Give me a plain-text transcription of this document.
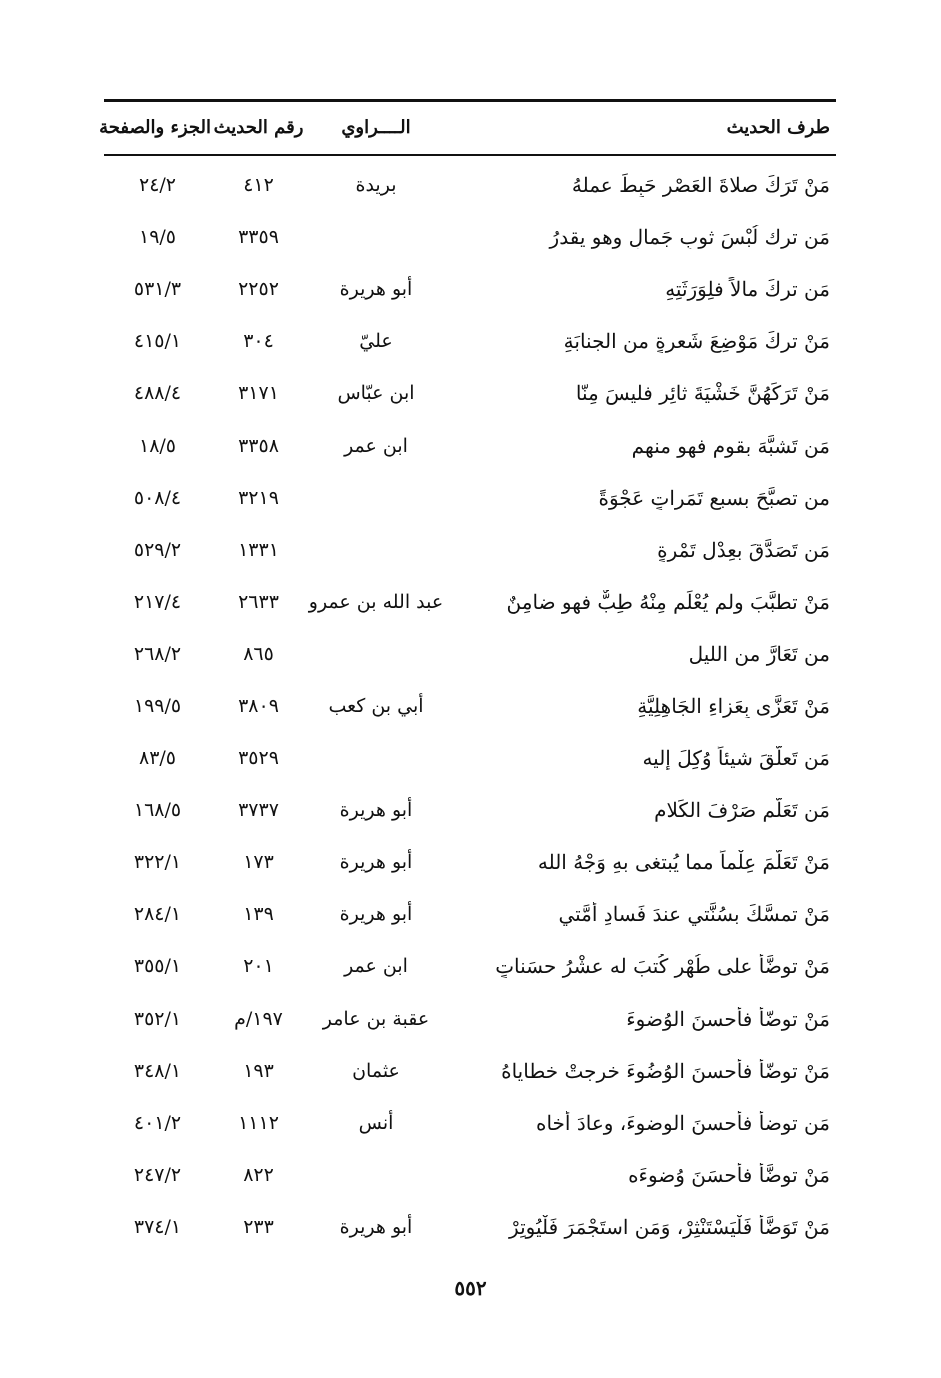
طرف الحديث
الــــراوي
رقم الحديث
الجزء والصفحة
مَنْ تَرَكَ صلاةَ العَصْرِ حَبِطَ عملهُ
بريدة
٤١٢
٢٤/٢
مَن ترك لُبْسَ ثوبِ جَمالٍ وهو يقدرُ
٣٣٥٩
١٩/٥
مَن تركَ مالاً فلِوَرَثَتِهِ
أبو هريرة
٢٢٥٢
٥٣١/٣
مَنْ تركَ مَوْضِعَ شَعرةٍ من الجنابَةِ
عليّ
٣٠٤
٤١٥/١
مَنْ تَرَكَهُنَّ خَشْيَةَ ثائِرٍ فليسَ مِنّا
ابن عبّاس
٣١٧١
٤٨٨/٤
مَن تَشبَّهَ بقومٍ فهو منهم
ابن عمر
٣٣٥٨
١٨/٥
من تصبَّحَ بسبعِ تَمَراتٍ عَجْوَةً
٣٢١٩
٥٠٨/٤
مَن تَصَدَّقَ بعِدْلِ تَمْرةٍ
١٣٣١
٥٢٩/٢
مَنْ تطبَّبَ ولم يُعْلَم مِنْهُ طِبٌّ فهو ضامِنٌ
عبد الله بن عمرو
٢٦٣٣
٢١٧/٤
من تَعَارَّ من الليلِ
٨٦٥
٢٦٨/٢
مَنْ تَعَزَّى بِعَزاءِ الجَاهِلِيَّةِ
أبي بن كعب
٣٨٠٩
١٩٩/٥
مَن تَعلَّقَ شيئاً وُكِلَ إليه
٣٥٢٩
٨٣/٥
مَن تَعَلَّم صَرْفَ الكَلامِ
أبو هريرة
٣٧٣٧
١٦٨/٥
مَنْ تَعَلَّمَ عِلْماً مما يُبتغى بهِ وَجْهُ الله
أبو هريرة
١٧٣
٣٢٢/١
مَنْ تمسَّكَ بسُنَّتي عندَ فَسادِ أُمَّتي
أبو هريرة
١٣٩
٢٨٤/١
مَنْ توضَّأَ على طُهْرٍ كُتبَ له عشْرُ حسَناتٍ
ابن عمر
٢٠١
٣٥٥/١
مَنْ توضّأَ فأحسنَ الوُضوءَ
عقبة بن عامر
١٩٧/م
٣٥٢/١
مَنْ توضّأَ فأحسنَ الوُضُوءَ خرجتْ خطاياهُ
عثمان
١٩٣
٣٤٨/١
مَن توضأَ فأحسنَ الوضوءَ، وعادَ أخاه
أنس
١١١٢
٤٠١/٢
مَنْ توضَّأَ فأحسَنَ وُضوءَه
٨٢٢
٢٤٧/٢
مَنْ تَوَضَّأَ فَلْيَسْتَنْثِرْ، وَمَن استَجْمَرَ فَلْيُوتِرْ
أبو هريرة
٢٣٣
٣٧٤/١
٥٥٢
